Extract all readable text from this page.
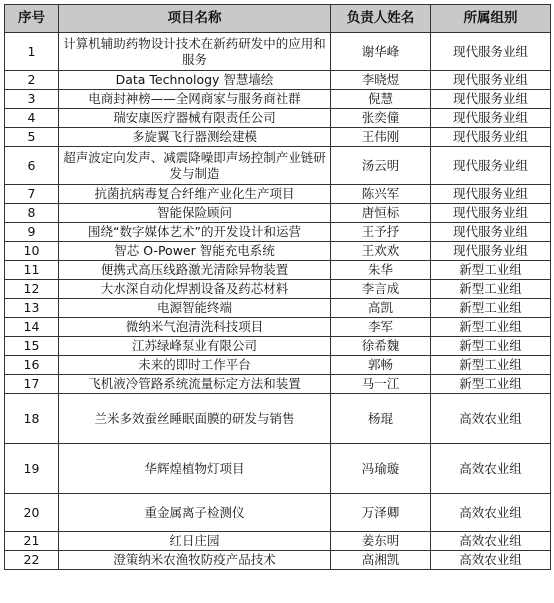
序号	项目名称	负责人姓名	所属组别
1	计算机辅助药物设计技术在新药研发中的应用和服务	谢华峰	现代服务业组
2	Data Technology 智慧墙绘	李晓煜	现代服务业组
3	电商封神榜——全网商家与服务商社群	倪慧	现代服务业组
4	瑞安康医疗器械有限责任公司	张奕僮	现代服务业组
5	多旋翼飞行器测绘建模	王伟刚	现代服务业组
6	超声波定向发声、减震降噪即声场控制产业链研发与制造	汤云明	现代服务业组
7	抗菌抗病毒复合纤维产业化生产项目	陈兴军	现代服务业组
8	智能保险顾问	唐恒标	现代服务业组
9	围绕“数字媒体艺术”的开发设计和运营	王予抒	现代服务业组
10	智芯 O-Power 智能充电系统	王欢欢	现代服务业组
11	便携式高压线路激光清除异物装置	朱华	新型工业组
12	大水深自动化焊割设备及药芯材料	李言成	新型工业组
13	电源智能终端	高凯	新型工业组
14	微纳米气泡清洗科技项目	李军	新型工业组
15	江苏绿峰泵业有限公司	徐希魏	新型工业组
16	未来的即时工作平台	郭畅	新型工业组
17	飞机液冷管路系统流量标定方法和装置	马一江	新型工业组
18	兰米多效蚕丝睡眠面膜的研发与销售	杨琨	高效农业组
19	华辉煌植物灯项目	冯瑜璇	高效农业组
20	重金属离子检测仪	万泽卿	高效农业组
21	红日庄园	姜东明	高效农业组
22	澄策纳米农渔牧防疫产品技术	高湘凯	高效农业组
